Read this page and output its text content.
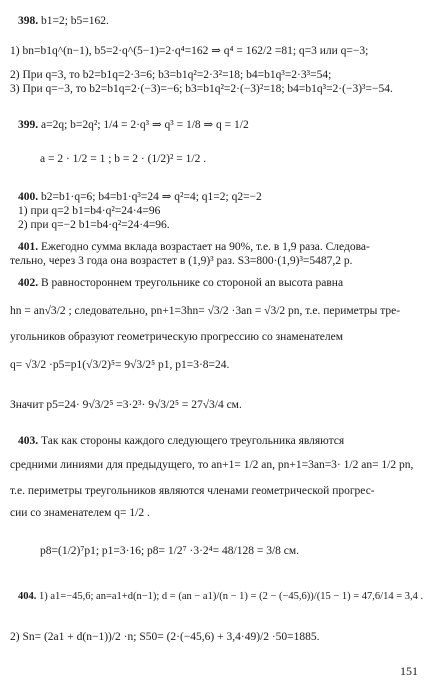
398. b1=2; b5=162.
1) bn=b1q^(n−1), b5=2·q^(5−1)=2·q⁴=162 ⇒ q⁴ = 162/2 =81; q=3 или q=−3;
2) При q=3, то b2=b1q=2·3=6; b3=b1q²=2·3²=18; b4=b1q³=2·3³=54;
3) При q=−3, то b2=b1q=2·(−3)=−6; b3=b1q²=2·(−3)²=18; b4=b1q³=2·(−3)³=−54.
399. a=2q; b=2q²; 1/4 = 2·q³ ⇒ q³ = 1/8 ⇒ q = 1/2
a = 2 · 1/2 = 1 ; b = 2 · (1/2)² = 1/2 .
400. b2=b1·q=6; b4=b1·q³=24 ⇒ q²=4; q1=2; q2=−2
1) при q=2 b1=b4·q²=24·4=96
2) при q=−2 b1=b4·q²=24·4=96.
401. Ежегодно сумма вклада возрастает на 90%, т.е. в 1,9 раза. Следова-
тельно, через 3 года она возрастет в (1,9)³ раз. S3=800·(1,9)³=5487,2 р.
402. В равностороннем треугольнике со стороной an высота равна
hn = an√3/2 ; следовательно, pn+1=3hn= √3/2 ·3an = √3/2 pn, т.е. периметры тре-
угольников образуют геометрическую прогрессию со знаменателем
q= √3/2 ·p5=p1(√3/2)⁵= 9√3/2⁵ p1, p1=3·8=24.
Значит p5=24· 9√3/2⁵ =3·2³· 9√3/2⁵ = 27√3/4 см.
403. Так как стороны каждого следующего треугольника являются
средними линиями для предыдущего, то an+1= 1/2 an, pn+1=3an=3· 1/2 an= 1/2 pn,
т.е. периметры треугольников являются членами геометрической прогрес-
сии со знаменателем q= 1/2 .
p8=(1/2)⁷p1; p1=3·16; p8= 1/2⁷ ·3·2⁴= 48/128 = 3/8 см.
404. 1) a1=−45,6; an=a1+d(n−1); d = (an − a1)/(n − 1) = (2 − (−45,6))/(15 − 1) = 47,6/14 = 3,4 .
2) Sn= (2a1 + d(n−1))/2 ·n; S50= (2·(−45,6) + 3,4·49)/2 ·50=1885.
151
